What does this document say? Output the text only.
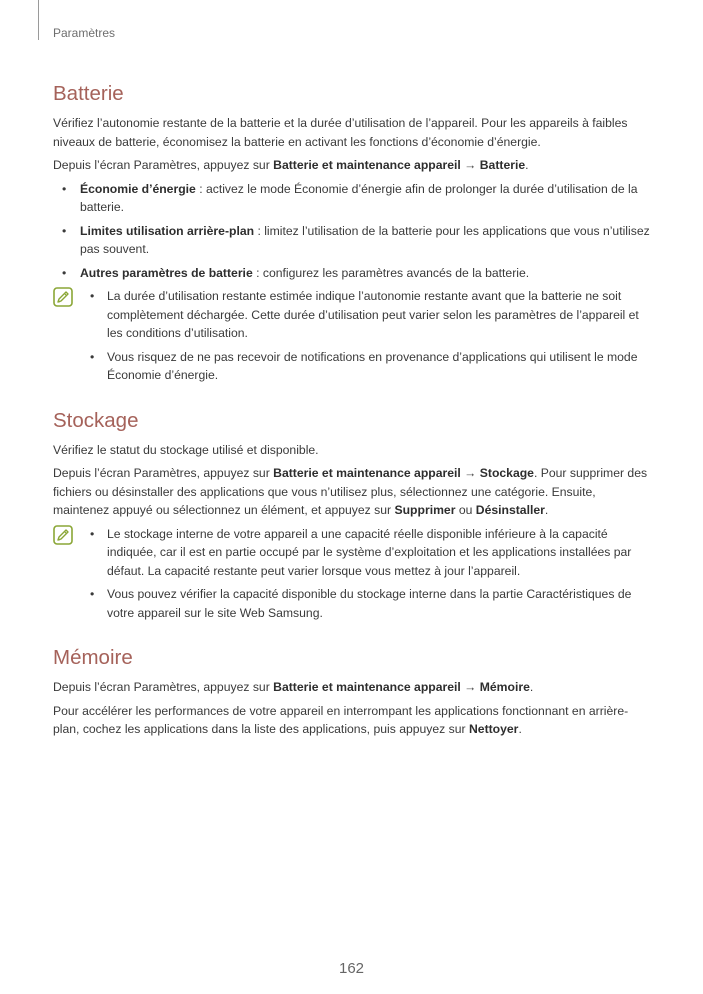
Paramètres
Batterie

Vérifiez l’autonomie restante de la batterie et la durée d’utilisation de l’appareil. Pour les appareils à faibles niveaux de batterie, économisez la batterie en activant les fonctions d’économie d’énergie.

Depuis l’écran Paramètres, appuyez sur Batterie et maintenance appareil → Batterie.

• Économie d’énergie : activez le mode Économie d’énergie afin de prolonger la durée d’utilisation de la batterie.
• Limites utilisation arrière-plan : limitez l’utilisation de la batterie pour les applications que vous n’utilisez pas souvent.
• Autres paramètres de batterie : configurez les paramètres avancés de la batterie.
• La durée d’utilisation restante estimée indique l’autonomie restante avant que la batterie ne soit complètement déchargée. Cette durée d’utilisation peut varier selon les paramètres de l’appareil et les conditions d’utilisation.
• Vous risquez de ne pas recevoir de notifications en provenance d’applications qui utilisent le mode Économie d’énergie.
Stockage

Vérifiez le statut du stockage utilisé et disponible.

Depuis l’écran Paramètres, appuyez sur Batterie et maintenance appareil → Stockage. Pour supprimer des fichiers ou désinstaller des applications que vous n’utilisez plus, sélectionnez une catégorie. Ensuite, maintenez appuyé ou sélectionnez un élément, et appuyez sur Supprimer ou Désinstaller.

• Le stockage interne de votre appareil a une capacité réelle disponible inférieure à la capacité indiquée, car il est en partie occupé par le système d’exploitation et les applications installées par défaut. La capacité restante peut varier lorsque vous mettez à jour l’appareil.
• Vous pouvez vérifier la capacité disponible du stockage interne dans la partie Caractéristiques de votre appareil sur le site Web Samsung.
Mémoire

Depuis l’écran Paramètres, appuyez sur Batterie et maintenance appareil → Mémoire.

Pour accélérer les performances de votre appareil en interrompant les applications fonctionnant en arrière-plan, cochez les applications dans la liste des applications, puis appuyez sur Nettoyer.

162
